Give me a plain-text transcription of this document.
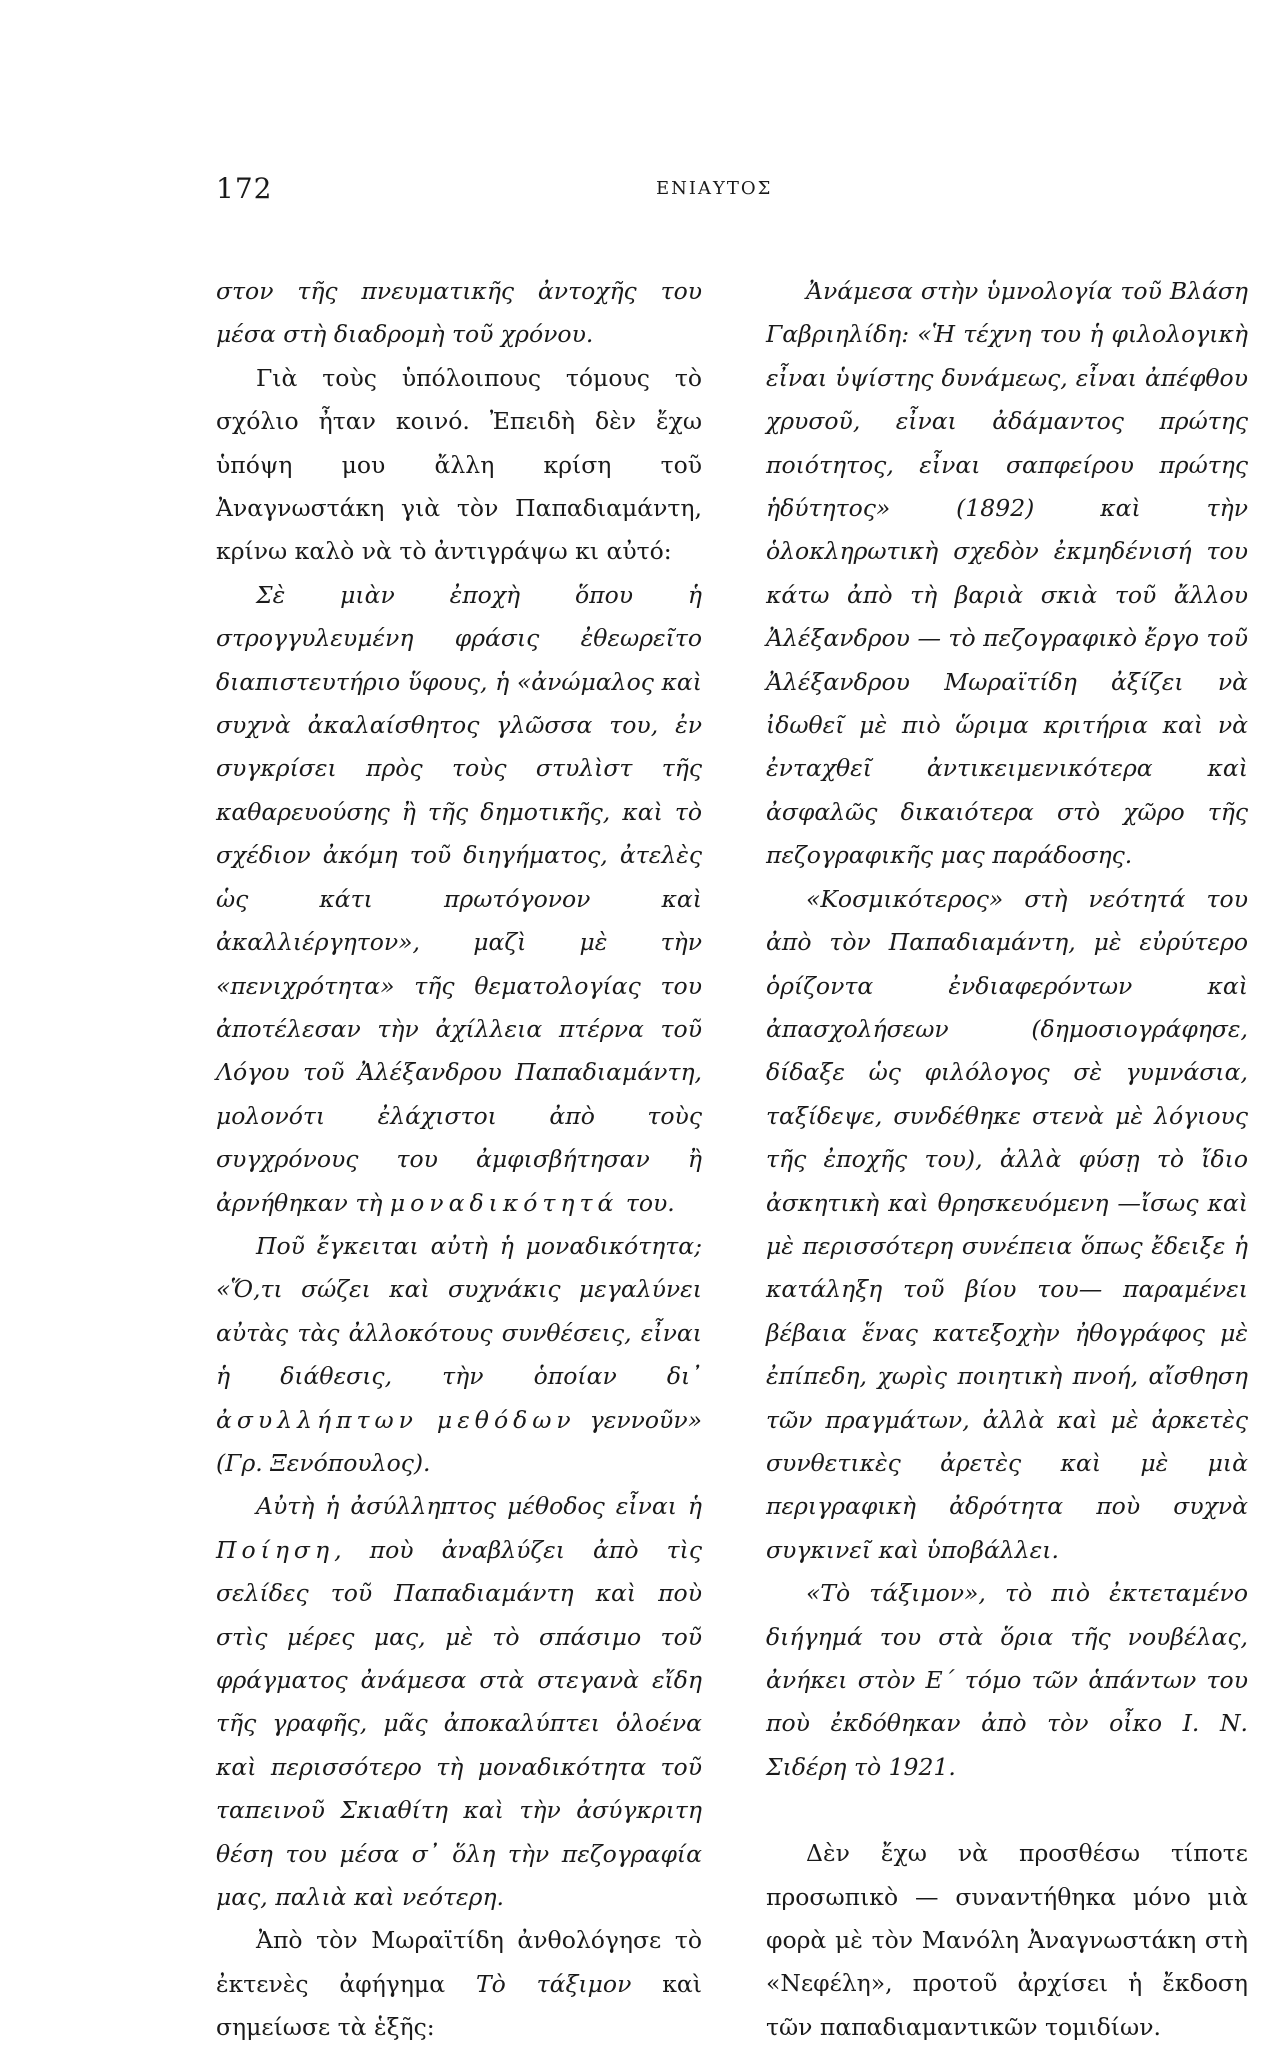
172	ΕΝΙΑΥΤΟΣ

στον τῆς πνευματικῆς ἀντοχῆς του μέσα στὴ διαδρομὴ τοῦ χρόνου.

Γιὰ τοὺς ὑπόλοιπους τόμους τὸ σχόλιο ἦταν κοινό. Ἐπειδὴ δὲν ἔχω ὑπόψη μου ἄλλη κρίση τοῦ Ἀναγνωστάκη γιὰ τὸν Παπαδιαμάντη, κρίνω καλὸ νὰ τὸ ἀντιγράψω κι αὐτό:

Σὲ μιὰν ἐποχὴ ὅπου ἡ στρογγυλευμένη φράσις ἐθεωρεῖτο διαπιστευτήριο ὕφους, ἡ «ἀνώμαλος καὶ συχνὰ ἀκαλαίσθητος γλῶσσα του, ἐν συγκρίσει πρὸς τοὺς στυλὶστ τῆς καθαρευούσης ἢ τῆς δημοτικῆς, καὶ τὸ σχέδιον ἀκόμη τοῦ διηγήματος, ἀτελὲς ὡς κάτι πρωτόγονον καὶ ἀκαλλιέργητον», μαζὶ μὲ τὴν «πενιχρότητα» τῆς θεματολογίας του ἀποτέλεσαν τὴν ἀχίλλεια πτέρνα τοῦ Λόγου τοῦ Ἀλέξανδρου Παπαδιαμάντη, μολονότι ἐλάχιστοι ἀπὸ τοὺς συγχρόνους του ἀμφισβήτησαν ἢ ἀρνήθηκαν τὴ μοναδικότητά του.

Ποῦ ἔγκειται αὐτὴ ἡ μοναδικότητα; «Ὅ,τι σώζει καὶ συχνάκις μεγαλύνει αὐτὰς τὰς ἀλλοκότους συνθέσεις, εἶναι ἡ διάθεσις, τὴν ὁποίαν δι᾿ ἀσυλλήπτων μεθόδων γεννοῦν» (Γρ. Ξενόπουλος).

Αὐτὴ ἡ ἀσύλληπτος μέθοδος εἶναι ἡ Ποίηση, ποὺ ἀναβλύζει ἀπὸ τὶς σελίδες τοῦ Παπαδιαμάντη καὶ ποὺ στὶς μέρες μας, μὲ τὸ σπάσιμο τοῦ φράγματος ἀνάμεσα στὰ στεγανὰ εἴδη τῆς γραφῆς, μᾶς ἀποκαλύπτει ὁλοένα καὶ περισσότερο τὴ μοναδικότητα τοῦ ταπεινοῦ Σκιαθίτη καὶ τὴν ἀσύγκριτη θέση του μέσα σ᾿ ὅλη τὴν πεζογραφία μας, παλιὰ καὶ νεότερη.

Ἀπὸ τὸν Μωραϊτίδη ἀνθολόγησε τὸ ἐκτενὲς ἀφήγημα Τὸ τάξιμον καὶ σημείωσε τὰ ἑξῆς:

Ἀνάμεσα στὴν ὑμνολογία τοῦ Βλάση Γαβριηλίδη: «Ἡ τέχνη του ἡ φιλολογικὴ εἶναι ὑψίστης δυνάμεως, εἶναι ἀπέφθου χρυσοῦ, εἶναι ἀδάμαντος πρώτης ποιότητος, εἶναι σαπφείρου πρώτης ἡδύτητος» (1892) καὶ τὴν ὁλοκληρωτικὴ σχεδὸν ἐκμηδένισή του κάτω ἀπὸ τὴ βαριὰ σκιὰ τοῦ ἄλλου Ἀλέξανδρου — τὸ πεζογραφικὸ ἔργο τοῦ Ἀλέξανδρου Μωραϊτίδη ἀξίζει νὰ ἰδωθεῖ μὲ πιὸ ὥριμα κριτήρια καὶ νὰ ἐνταχθεῖ ἀντικειμενικότερα καὶ ἀσφαλῶς δικαιότερα στὸ χῶρο τῆς πεζογραφικῆς μας παράδοσης.

«Κοσμικότερος» στὴ νεότητά του ἀπὸ τὸν Παπαδιαμάντη, μὲ εὐρύτερο ὁρίζοντα ἐνδιαφερόντων καὶ ἀπασχολήσεων (δημοσιογράφησε, δίδαξε ὡς φιλόλογος σὲ γυμνάσια, ταξίδεψε, συνδέθηκε στενὰ μὲ λόγιους τῆς ἐποχῆς του), ἀλλὰ φύσῃ τὸ ἴδιο ἀσκητικὴ καὶ θρησκευόμενη —ἴσως καὶ μὲ περισσότερη συνέπεια ὅπως ἔδειξε ἡ κατάληξη τοῦ βίου του— παραμένει βέβαια ἕνας κατεξοχὴν ἠθογράφος μὲ ἐπίπεδη, χωρὶς ποιητικὴ πνοή, αἴσθηση τῶν πραγμάτων, ἀλλὰ καὶ μὲ ἀρκετὲς συνθετικὲς ἀρετὲς καὶ μὲ μιὰ περιγραφικὴ ἀδρότητα ποὺ συχνὰ συγκινεῖ καὶ ὑποβάλλει.

«Τὸ τάξιμον», τὸ πιὸ ἐκτεταμένο διήγημά του στὰ ὅρια τῆς νουβέλας, ἀνήκει στὸν Ε´ τόμο τῶν ἁπάντων του ποὺ ἐκδόθηκαν ἀπὸ τὸν οἶκο Ι. Ν. Σιδέρη τὸ 1921.

Δὲν ἔχω νὰ προσθέσω τίποτε προσωπικὸ — συναντήθηκα μόνο μιὰ φορὰ μὲ τὸν Μανόλη Ἀναγνωστάκη στὴ «Νεφέλη», προτοῦ ἀρχίσει ἡ ἔκδοση τῶν παπαδιαμαντικῶν τομιδίων.
